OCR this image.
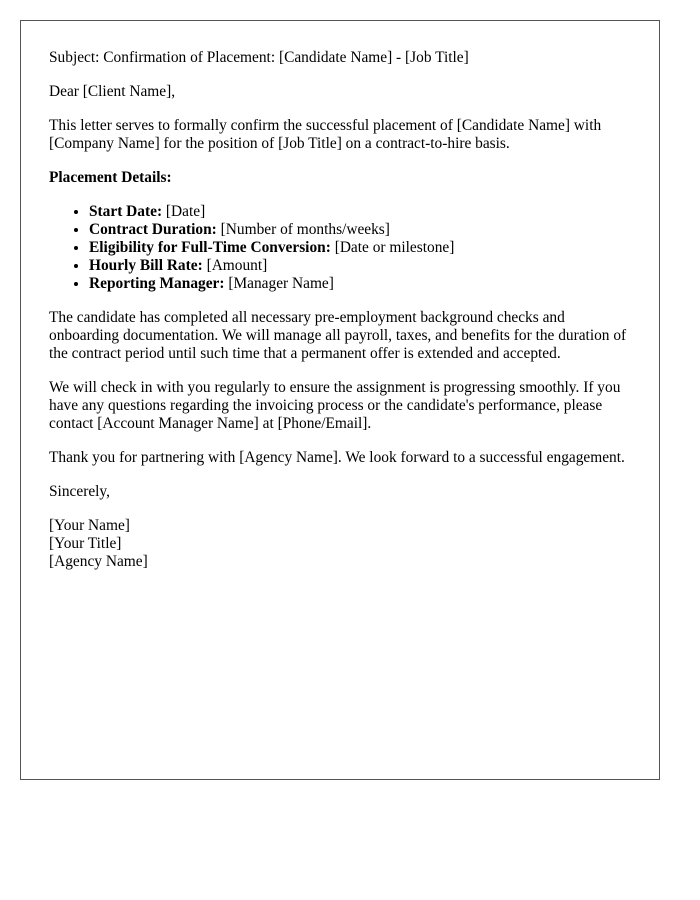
Subject: Confirmation of Placement: [Candidate Name] - [Job Title]

Dear [Client Name],

This letter serves to formally confirm the successful placement of [Candidate Name] with [Company Name] for the position of [Job Title] on a contract-to-hire basis.

Placement Details:

• Start Date: [Date]
• Contract Duration: [Number of months/weeks]
• Eligibility for Full-Time Conversion: [Date or milestone]
• Hourly Bill Rate: [Amount]
• Reporting Manager: [Manager Name]

The candidate has completed all necessary pre-employment background checks and onboarding documentation. We will manage all payroll, taxes, and benefits for the duration of the contract period until such time that a permanent offer is extended and accepted.

We will check in with you regularly to ensure the assignment is progressing smoothly. If you have any questions regarding the invoicing process or the candidate's performance, please contact [Account Manager Name] at [Phone/Email].

Thank you for partnering with [Agency Name]. We look forward to a successful engagement.

Sincerely,

[Your Name]
[Your Title]
[Agency Name]
